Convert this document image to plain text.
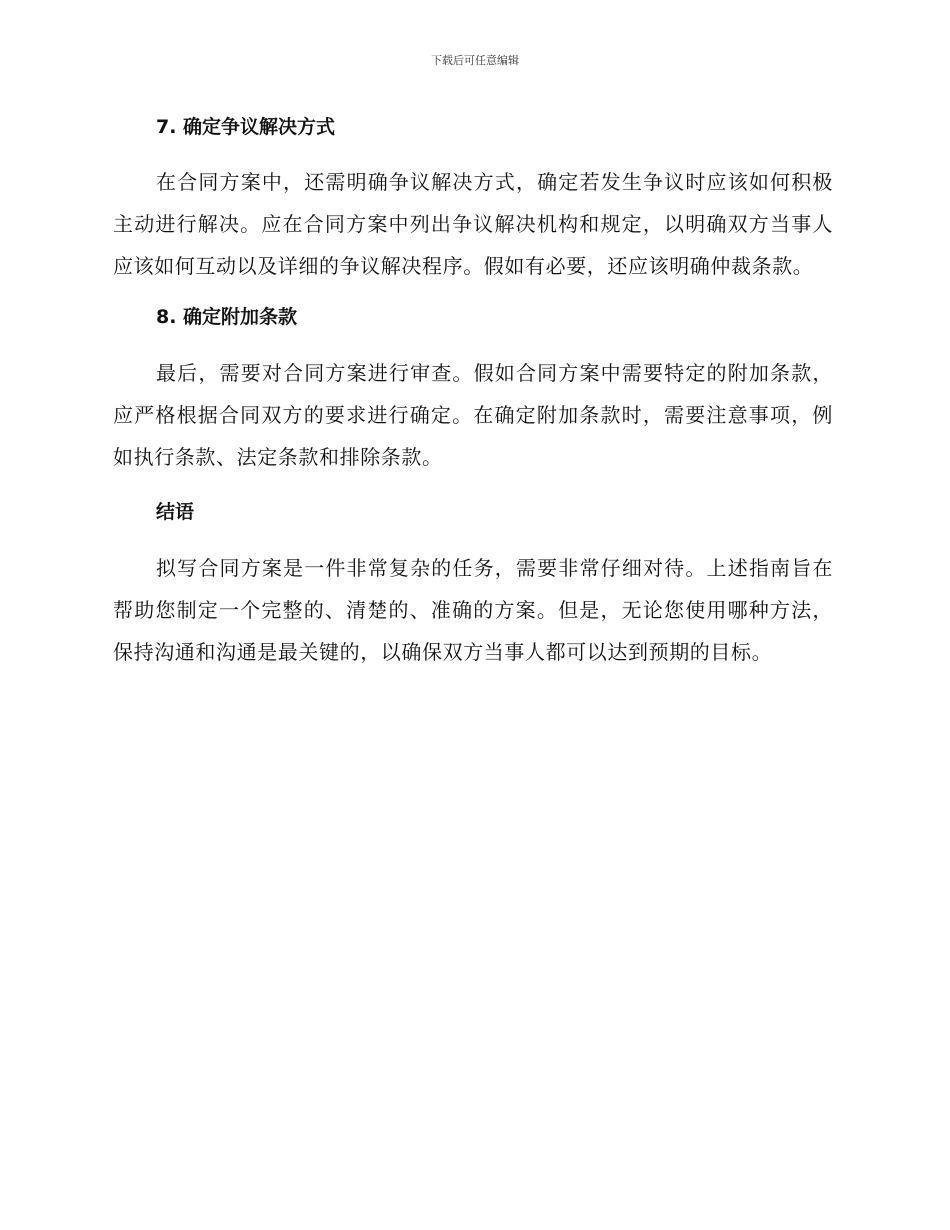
下载后可任意编辑
7. 确定争议解决方式

在合同方案中，还需明确争议解决方式，确定若发生争议时应该如何积极主动进行解决。应在合同方案中列出争议解决机构和规定，以明确双方当事人应该如何互动以及详细的争议解决程序。假如有必要，还应该明确仲裁条款。

8. 确定附加条款

最后，需要对合同方案进行审查。假如合同方案中需要特定的附加条款，应严格根据合同双方的要求进行确定。在确定附加条款时，需要注意事项，例如执行条款、法定条款和排除条款。

结语

拟写合同方案是一件非常复杂的任务，需要非常仔细对待。上述指南旨在帮助您制定一个完整的、清楚的、准确的方案。但是，无论您使用哪种方法，保持沟通和沟通是最关键的，以确保双方当事人都可以达到预期的目标。
